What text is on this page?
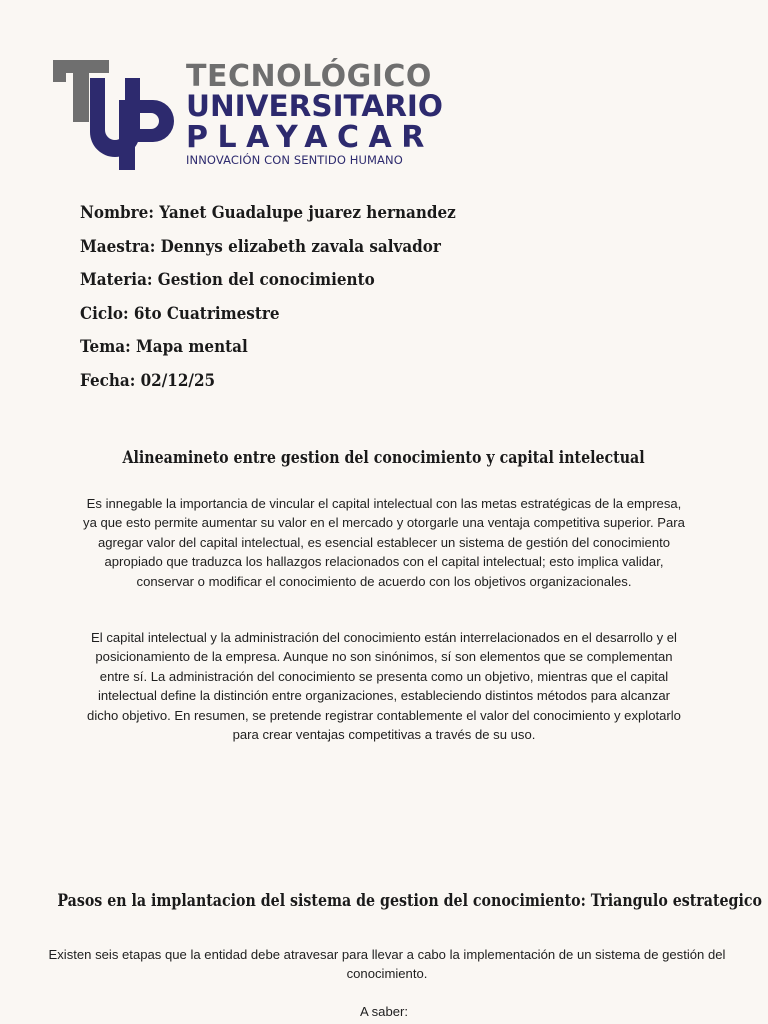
TECNOLÓGICO
UNIVERSITARIO
PLAYACAR
INNOVACIÓN CON SENTIDO HUMANO
Nombre: Yanet Guadalupe juarez hernandez
Maestra: Dennys elizabeth zavala salvador
Materia: Gestion del conocimiento
Ciclo: 6to Cuatrimestre
Tema: Mapa mental
Fecha: 02/12/25
Alineamineto entre gestion del conocimiento y capital intelectual

Es innegable la importancia de vincular el capital intelectual con las metas estratégicas de la empresa, ya que esto permite aumentar su valor en el mercado y otorgarle una ventaja competitiva superior. Para agregar valor del capital intelectual, es esencial establecer un sistema de gestión del conocimiento apropiado que traduzca los hallazgos relacionados con el capital intelectual; esto implica validar, conservar o modificar el conocimiento de acuerdo con los objetivos organizacionales.

El capital intelectual y la administración del conocimiento están interrelacionados en el desarrollo y el posicionamiento de la empresa. Aunque no son sinónimos, sí son elementos que se complementan entre sí. La administración del conocimiento se presenta como un objetivo, mientras que el capital intelectual define la distinción entre organizaciones, estableciendo distintos métodos para alcanzar dicho objetivo. En resumen, se pretende registrar contablemente el valor del conocimiento y explotarlo para crear ventajas competitivas a través de su uso.

Pasos en la implantacion del sistema de gestion del conocimiento: Triangulo estrategico

Existen seis etapas que la entidad debe atravesar para llevar a cabo la implementación de un sistema de gestión del conocimiento.

A saber:
